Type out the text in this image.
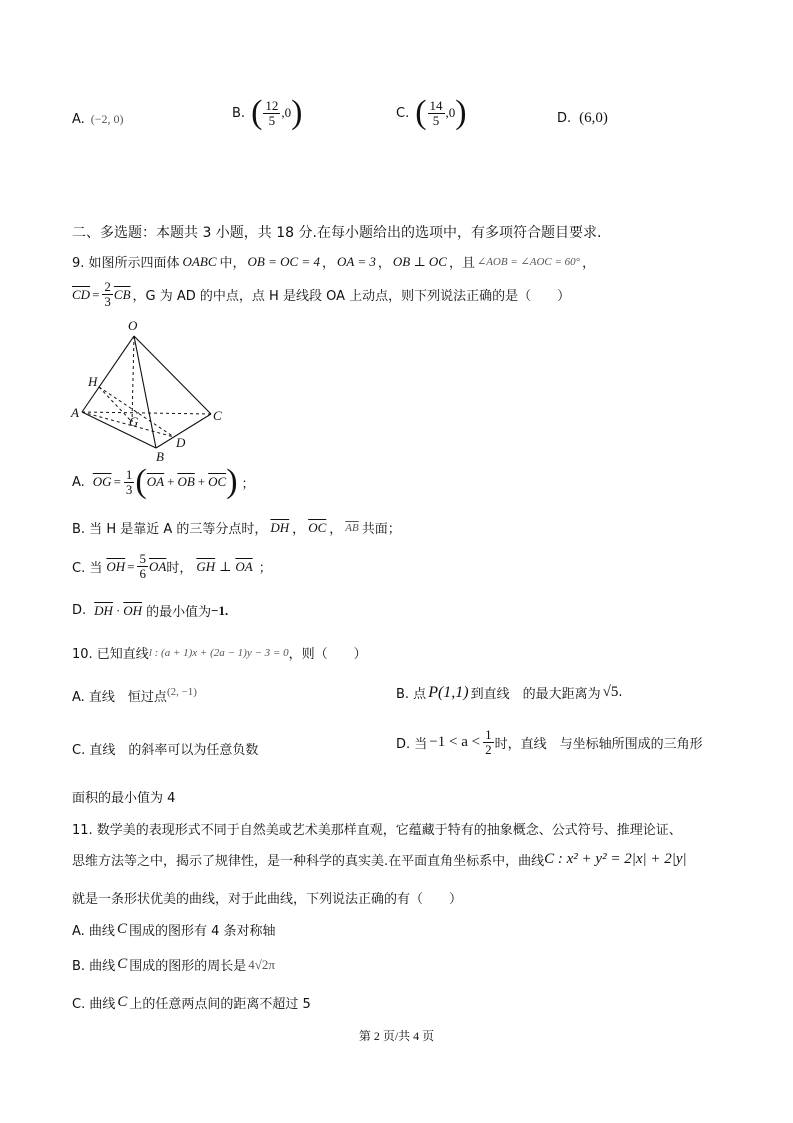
A. (−2, 0)	B. ( $\frac{12}{5} ,0$ )	C. ( $\frac{14}{5} ,0$ )	D. (6,0)
二、多选题：本题共 3 小题，共 18 分.在每小题给出的选项中，有多项符合题目要求.
9. 如图所示四面体 OABC 中， OB = OC = 4 ， OA = 3 ， OB ⊥ OC ，且 ∠AOB = ∠AOC = 60° ，
$\overline{CD} = \frac{2}{3} \overline{CB}$ ，G 为 AD 的中点，点 H 是线段 OA 上动点，则下列说法正确的是（　　）
O
H
A
G	C
D
B
A. $\overline{OG} = \frac{1}{3}$ ( $\overline{OA} + \overline{OB} + \overline{OC}$ ) ；
B. 当 H 是靠近 A 的三等分点时， $\overline{DH}$ ， $\overline{OC}$ ， $\overline{AB}$ 共面；
C. 当 $\overline{OH} = \frac{5}{6} \overline{OA}$ 时， $\overline{GH}$ ⊥ $\overline{OA}$ ；
D. $\overline{DH} \cdot \overline{OH}$ 的最小值为 −1.
10. 已知直线 l : (a + 1)x + (2a − 1)y − 3 = 0 ，则（　　）
A. 直线　恒过点 (2, −1)	B. 点 P(1,1) 到直线　的最大距离为 √5 .
C. 直线　的斜率可以为任意负数	D. 当 $-1 < a < \frac{1}{2}$ 时，直线　与坐标轴所围成的三角形
面积的最小值为 4
11. 数学美的表现形式不同于自然美或艺术美那样直观，它蕴藏于特有的抽象概念、公式符号、推理论证、
思维方法等之中，揭示了规律性，是一种科学的真实美.在平面直角坐标系中，曲线 C : x² + y² = 2|x| + 2|y|
就是一条形状优美的曲线，对于此曲线，下列说法正确的有（　　）
A. 曲线 C 围成的图形有 4 条对称轴
B. 曲线 C 围成的图形的周长是 4√2π
C. 曲线 C 上的任意两点间的距离不超过 5
第 2 页/共 4 页
